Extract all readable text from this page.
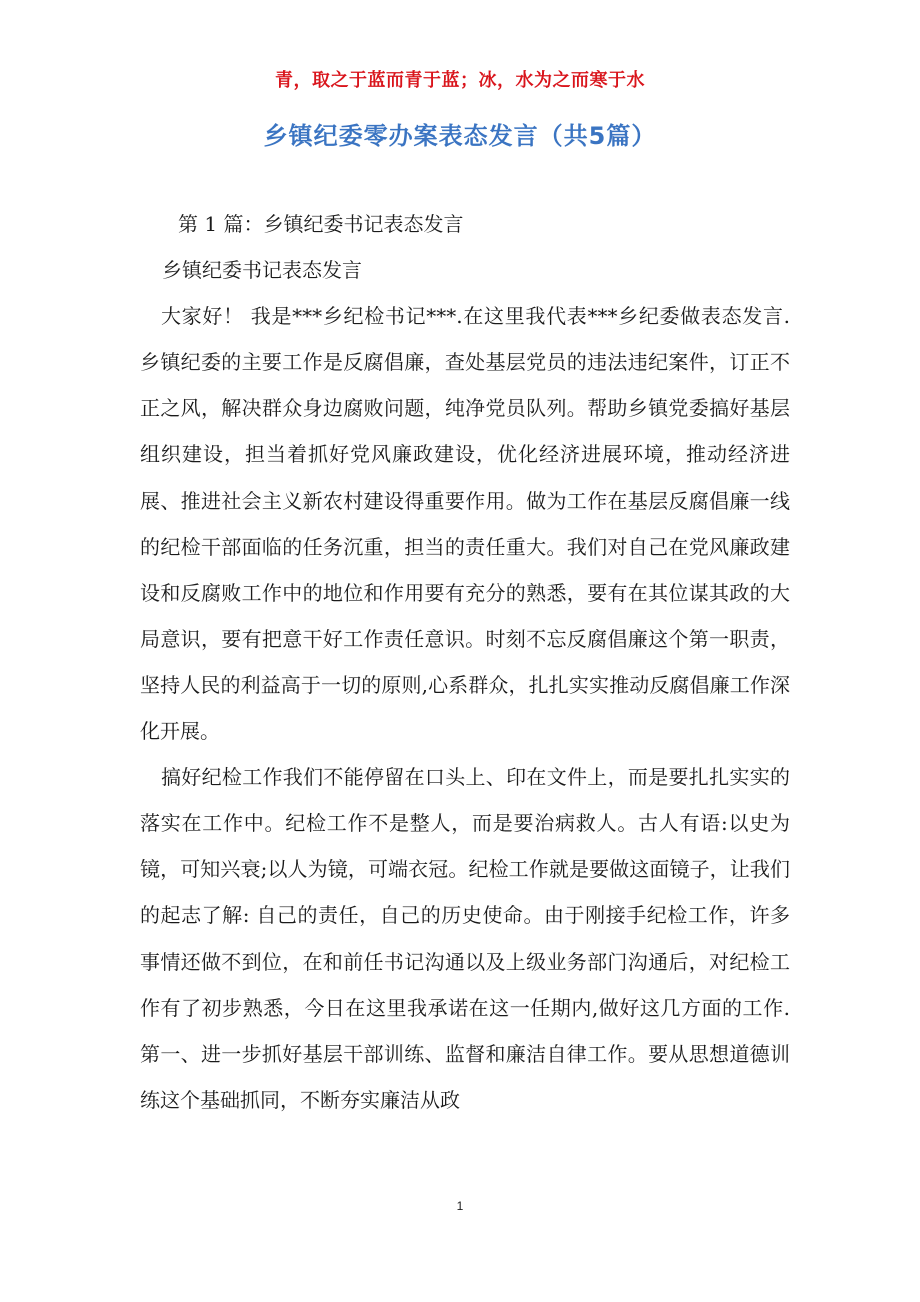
青，取之于蓝而青于蓝；冰，水为之而寒于水
乡镇纪委零办案表态发言（共5篇）

第 1 篇：乡镇纪委书记表态发言

乡镇纪委书记表态发言

大家好！ 我是***乡纪检书记***.在这里我代表***乡纪委做表态发言. 乡镇纪委的主要工作是反腐倡廉，查处基层党员的违法违纪案件，订正不正之风，解决群众身边腐败问题，纯净党员队列。帮助乡镇党委搞好基层组织建设，担当着抓好党风廉政建设，优化经济进展环境，推动经济进展、推进社会主义新农村建设得重要作用。做为工作在基层反腐倡廉一线的纪检干部面临的任务沉重，担当的责任重大。我们对自己在党风廉政建设和反腐败工作中的地位和作用要有充分的熟悉，要有在其位谋其政的大局意识，要有把意干好工作责任意识。时刻不忘反腐倡廉这个第一职责，坚持人民的利益高于一切的原则,心系群众，扎扎实实推动反腐倡廉工作深化开展。

搞好纪检工作我们不能停留在口头上、印在文件上，而是要扎扎实实的落实在工作中。纪检工作不是整人，而是要治病救人。古人有语:以史为镜，可知兴衰;以人为镜，可端衣冠。纪检工作就是要做这面镜子，让我们的起志了解: 自己的责任，自己的历史使命。由于刚接手纪检工作，许多事情还做不到位，在和前任书记沟通以及上级业务部门沟通后，对纪检工作有了初步熟悉，今日在这里我承诺在这一任期内,做好这几方面的工作. 第一、进一步抓好基层干部训练、监督和廉洁自律工作。要从思想道德训练这个基础抓同，不断夯实廉洁从政

1
